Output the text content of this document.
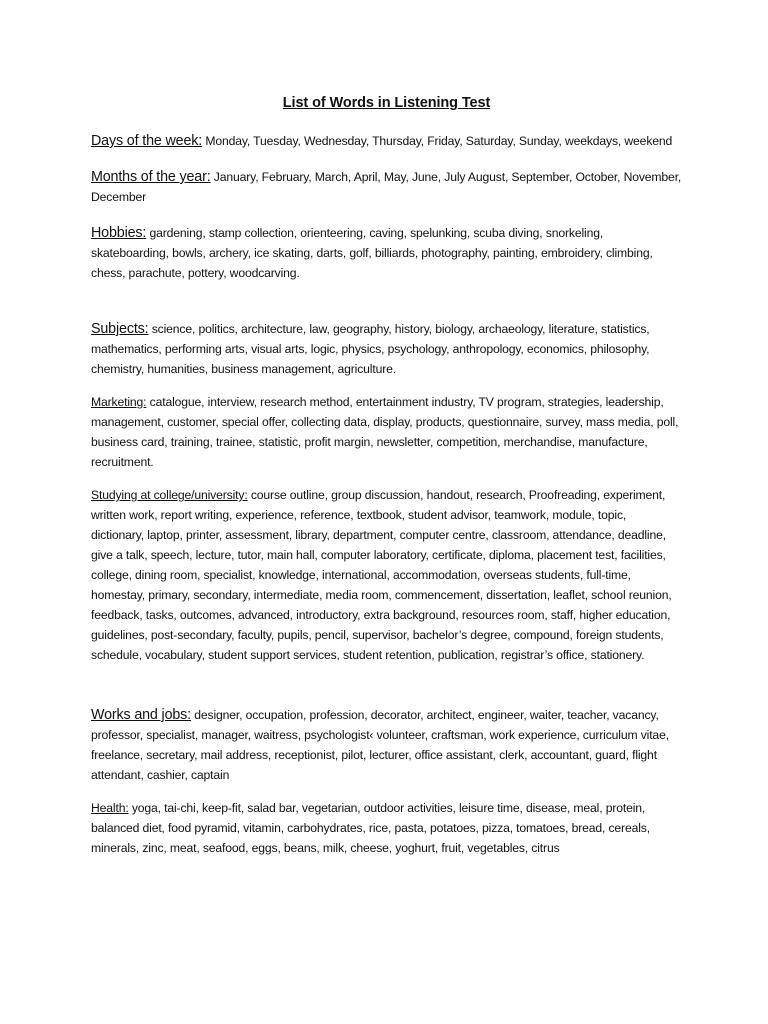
List of Words in Listening Test

Days of the week: Monday, Tuesday, Wednesday, Thursday, Friday, Saturday, Sunday, weekdays, weekend

Months of the year: January, February, March, April, May, June, July August, September, October, November, December

Hobbies: gardening, stamp collection, orienteering, caving, spelunking, scuba diving, snorkeling, skateboarding, bowls, archery, ice skating, darts, golf, billiards, photography, painting, embroidery, climbing, chess, parachute, pottery, woodcarving.

Subjects: science, politics, architecture, law, geography, history, biology, archaeology, literature, statistics, mathematics, performing arts, visual arts, logic, physics, psychology, anthropology, economics, philosophy, chemistry, humanities, business management, agriculture.

Marketing: catalogue, interview, research method, entertainment industry, TV program, strategies, leadership, management, customer, special offer, collecting data, display, products, questionnaire, survey, mass media, poll, business card, training, trainee, statistic, profit margin, newsletter, competition, merchandise, manufacture, recruitment.

Studying at college/university: course outline, group discussion, handout, research, Proofreading, experiment, written work, report writing, experience, reference, textbook, student advisor, teamwork, module, topic, dictionary, laptop, printer, assessment, library, department, computer centre, classroom, attendance, deadline, give a talk, speech, lecture, tutor, main hall, computer laboratory, certificate, diploma, placement test, facilities, college, dining room, specialist, knowledge, international, accommodation, overseas students, full-time, homestay, primary, secondary, intermediate, media room, commencement, dissertation, leaflet, school reunion, feedback, tasks, outcomes, advanced, introductory, extra background, resources room, staff, higher education, guidelines, post-secondary, faculty, pupils, pencil, supervisor, bachelor’s degree, compound, foreign students, schedule, vocabulary, student support services, student retention, publication, registrar’s office, stationery.

Works and jobs: designer, occupation, profession, decorator, architect, engineer, waiter, teacher, vacancy, professor, specialist, manager, waitress, psychologist‹ volunteer, craftsman, work experience, curriculum vitae, freelance, secretary, mail address, receptionist, pilot, lecturer, office assistant, clerk, accountant, guard, flight attendant, cashier, captain

Health: yoga, tai-chi, keep-fit, salad bar, vegetarian, outdoor activities, leisure time, disease, meal, protein, balanced diet, food pyramid, vitamin, carbohydrates, rice, pasta, potatoes, pizza, tomatoes, bread, cereals, minerals, zinc, meat, seafood, eggs, beans, milk, cheese, yoghurt, fruit, vegetables, citrus
